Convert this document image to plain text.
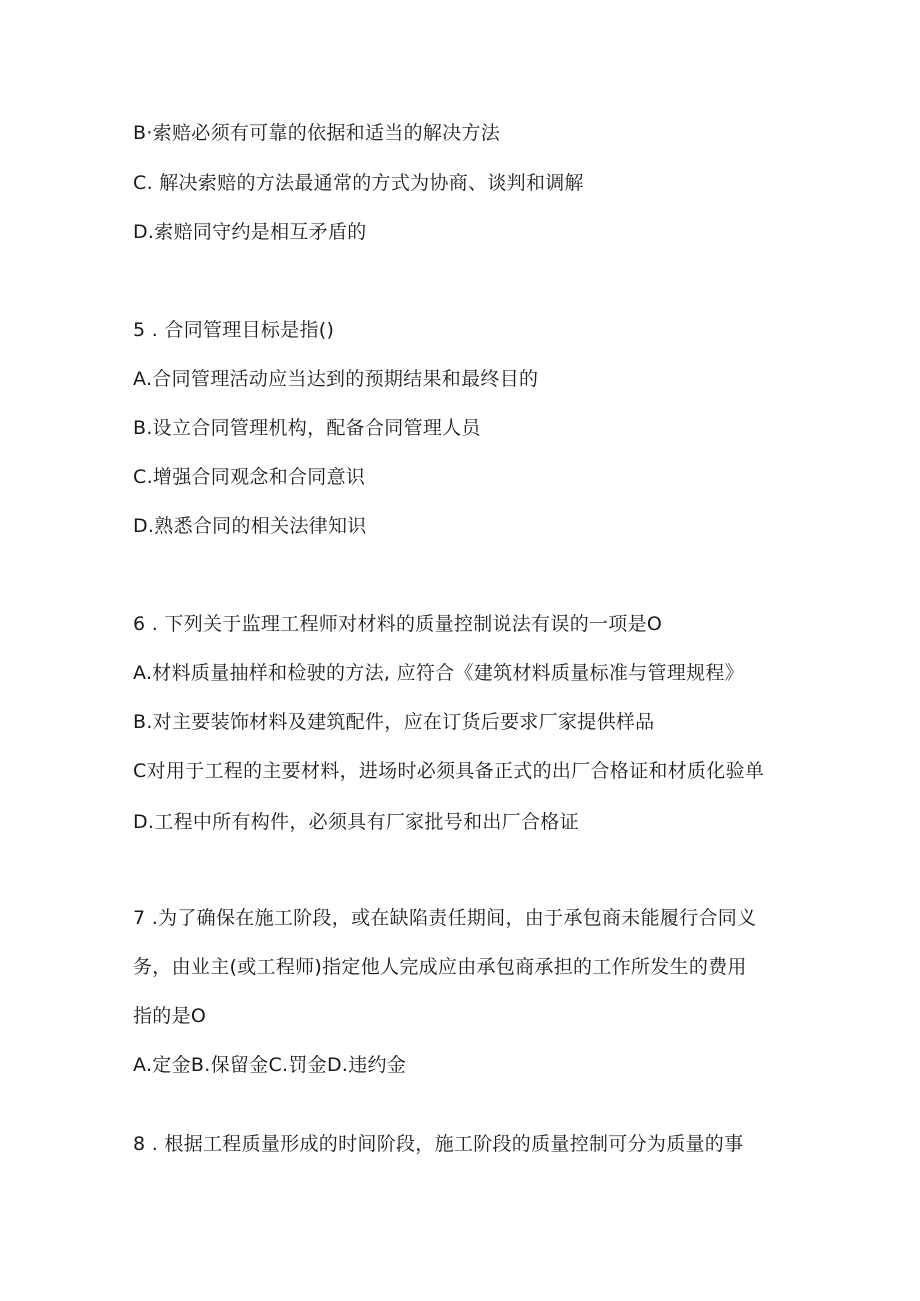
B·索赔必须有可靠的依据和适当的解决方法
C. 解决索赔的方法最通常的方式为协商、谈判和调解
D.索赔同守约是相互矛盾的
5 . 合同管理目标是指()
A.合同管理活动应当达到的预期结果和最终目的
B.设立合同管理机构，配备合同管理人员
C.增强合同观念和合同意识
D.熟悉合同的相关法律知识
6 . 下列关于监理工程师对材料的质量控制说法有误的一项是O
A.材料质量抽样和检驶的方法, 应符合《建筑材料质量标准与管理规程》
B.对主要装饰材料及建筑配件，应在订货后要求厂家提供样品
C对用于工程的主要材料，进场时必须具备正式的出厂合格证和材质化验单
D.工程中所有构件，必须具有厂家批号和出厂合格证
7 .为了确保在施工阶段，或在缺陷责任期间，由于承包商未能履行合同义
务，由业主(或工程师)指定他人完成应由承包商承担的工作所发生的费用
指的是O
A.定金B.保留金C.罚金D.违约金
8 . 根据工程质量形成的时间阶段，施工阶段的质量控制可分为质量的事
